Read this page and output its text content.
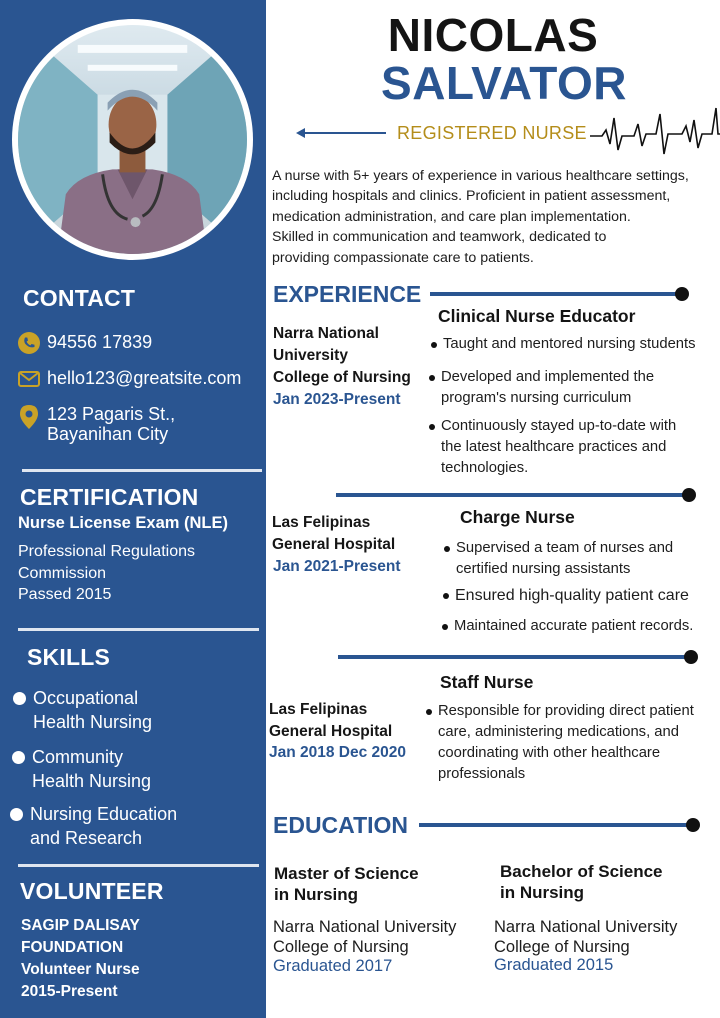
CONTACT
94556 17839
hello123@greatsite.com
123 Pagaris St.,
Bayanihan City
CERTIFICATION
Nurse License Exam (NLE)
Professional Regulations
Commission
Passed 2015
SKILLS
Occupational
Health Nursing
Community
Health Nursing
Nursing Education
and Research
VOLUNTEER
SAGIP DALISAY
FOUNDATION
Volunteer Nurse
2015-Present
NICOLAS
SALVATOR
REGISTERED NURSE
A nurse with 5+ years of experience in various healthcare settings,
including hospitals and clinics. Proficient in patient assessment,
medication administration, and care plan implementation.
Skilled in communication and teamwork, dedicated to
providing compassionate care to patients.
EXPERIENCE
Narra National
University
College of Nursing
Jan 2023-Present
Clinical Nurse Educator
Taught and mentored nursing students
Developed and implemented the
program's nursing curriculum
Continuously stayed up-to-date with
the latest healthcare practices and
technologies.
Las Felipinas
General Hospital
Jan 2021-Present
Charge Nurse
Supervised a team of nurses and
certified nursing assistants
Ensured high-quality patient care
Maintained accurate patient records.
Las Felipinas
General Hospital
Jan 2018 Dec 2020
Staff Nurse
Responsible for providing direct patient
care, administering medications, and
coordinating with other healthcare
professionals
EDUCATION
Master of Science
in Nursing
Narra National University
College of Nursing
Graduated 2017
Bachelor of Science
in Nursing
Narra National University
College of Nursing
Graduated 2015
